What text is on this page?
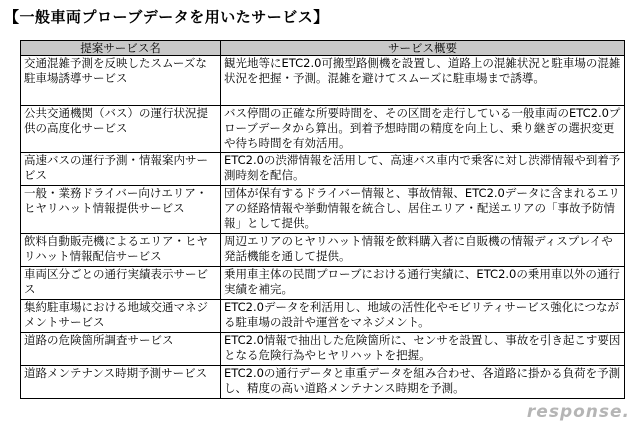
【一般車両プローブデータを用いたサービス】
提案サービス名	サービス概要
交通混雑予測を反映したスムーズな駐車場誘導サービス	観光地等にETC2.0可搬型路側機を設置し、道路上の混雑状況と駐車場の混雑状況を把握・予測。混雑を避けてスムーズに駐車場まで誘導。
公共交通機関（バス）の運行状況提供の高度化サービス	バス停間の正確な所要時間を、その区間を走行している一般車両のETC2.0プローブデータから算出。到着予想時間の精度を向上し、乗り継ぎの選択変更や待ち時間を有効活用。
高速バスの運行予測・情報案内サービス	ETC2.0の渋滞情報を活用して、高速バス車内で乗客に対し渋滞情報や到着予測時刻を配信。
一般・業務ドライバー向けエリア・ヒヤリハット情報提供サービス	団体が保有するドライバー情報と、事故情報、ETC2.0データに含まれるエリアの経路情報や挙動情報を統合し、居住エリア・配送エリアの「事故予防情報」として提供。
飲料自動販売機によるエリア・ヒヤリハット情報配信サービス	周辺エリアのヒヤリハット情報を飲料購入者に自販機の情報ディスプレイや発話機能を通して提供。
車両区分ごとの通行実績表示サービス	乗用車主体の民間プローブにおける通行実績に、ETC2.0の乗用車以外の通行実績を補完。
集約駐車場における地域交通マネジメントサービス	ETC2.0データを利活用し、地域の活性化やモビリティサービス強化につながる駐車場の設計や運営をマネジメント。
道路の危険箇所調査サービス	ETC2.0情報で抽出した危険箇所に、センサを設置し、事故を引き起こす要因となる危険行為やヒヤリハットを把握。
道路メンテナンス時期予測サービス	ETC2.0の通行データと車重データを組み合わせ、各道路に掛かる負荷を予測し、精度の高い道路メンテナンス時期を予測。
response.
